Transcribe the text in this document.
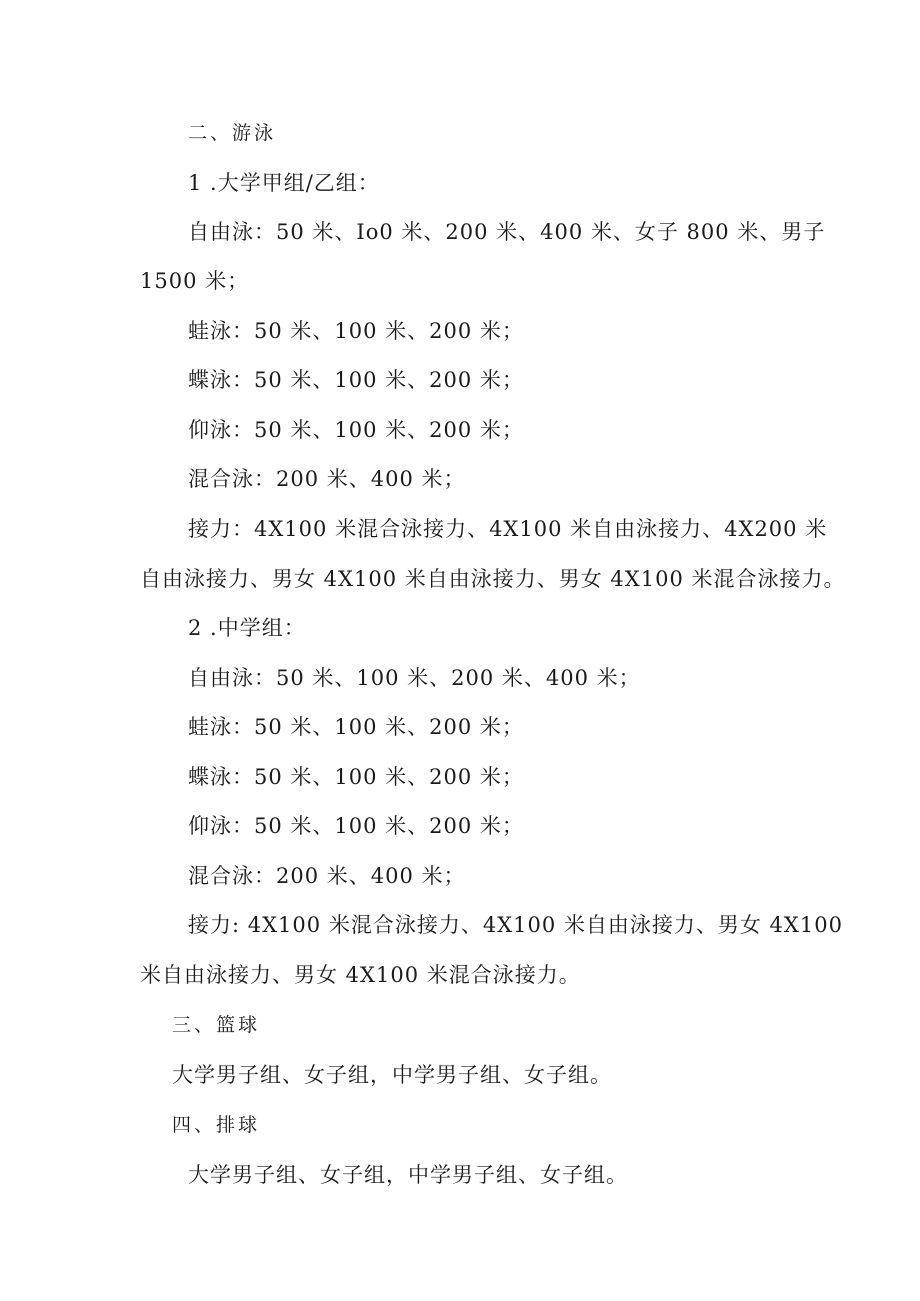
二、游泳
1 .大学甲组/乙组：
自由泳：50 米、Io0 米、200 米、400 米、女子 800 米、男子
1500 米；
蛙泳：50 米、100 米、200 米；
蝶泳：50 米、100 米、200 米；
仰泳：50 米、100 米、200 米；
混合泳：200 米、400 米；
接力：4X100 米混合泳接力、4X100 米自由泳接力、4X200 米
自由泳接力、男女 4X100 米自由泳接力、男女 4X100 米混合泳接力。
2 .中学组：
自由泳：50 米、100 米、200 米、400 米；
蛙泳：50 米、100 米、200 米；
蝶泳：50 米、100 米、200 米；
仰泳：50 米、100 米、200 米；
混合泳：200 米、400 米；
接力: 4X100 米混合泳接力、4X100 米自由泳接力、男女 4X100
米自由泳接力、男女 4X100 米混合泳接力。
三、篮球
大学男子组、女子组，中学男子组、女子组。
四、排球
大学男子组、女子组，中学男子组、女子组。
